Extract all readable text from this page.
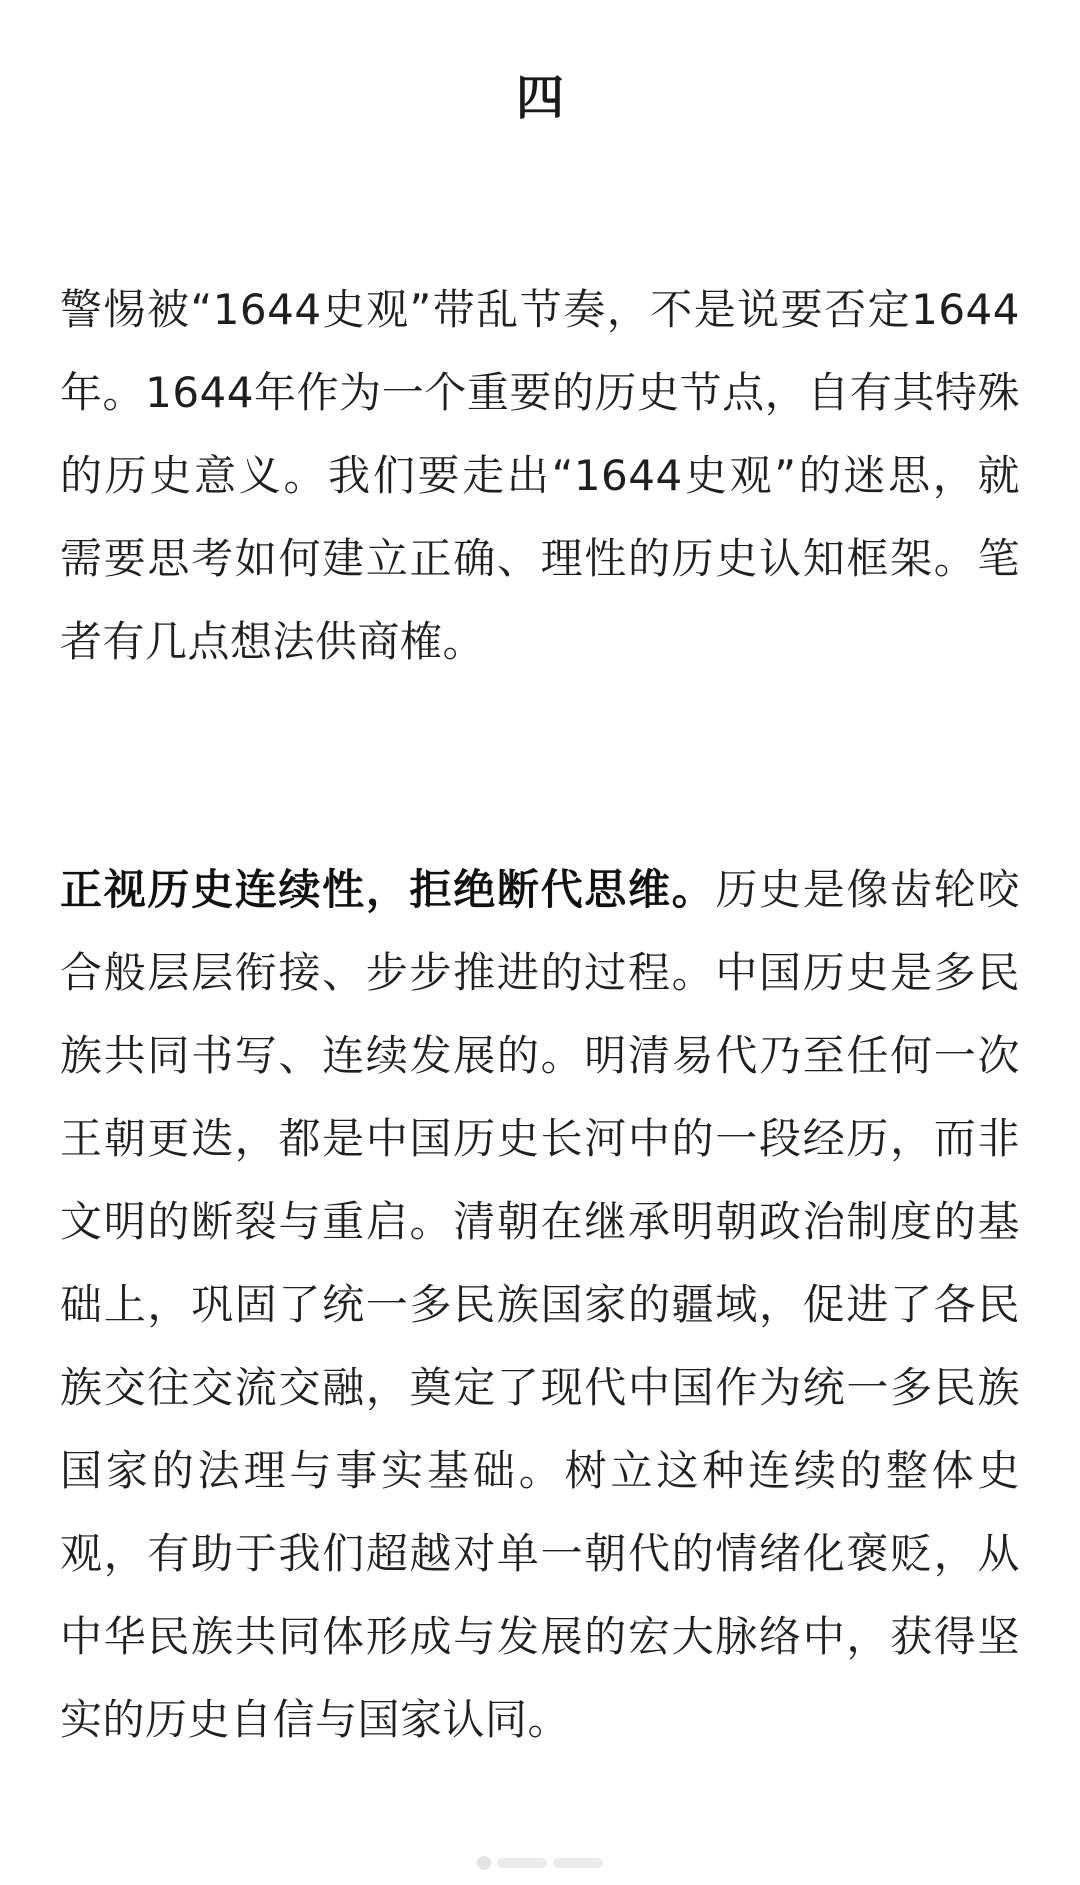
四

警惕被“1644史观”带乱节奏，不是说要否定1644年。1644年作为一个重要的历史节点，自有其特殊的历史意义。我们要走出“1644史观”的迷思，就需要思考如何建立正确、理性的历史认知框架。笔者有几点想法供商榷。

正视历史连续性，拒绝断代思维。历史是像齿轮咬合般层层衔接、步步推进的过程。中国历史是多民族共同书写、连续发展的。明清易代乃至任何一次王朝更迭，都是中国历史长河中的一段经历，而非文明的断裂与重启。清朝在继承明朝政治制度的基础上，巩固了统一多民族国家的疆域，促进了各民族交往交流交融，奠定了现代中国作为统一多民族国家的法理与事实基础。树立这种连续的整体史观，有助于我们超越对单一朝代的情绪化褒贬，从中华民族共同体形成与发展的宏大脉络中，获得坚实的历史自信与国家认同。
